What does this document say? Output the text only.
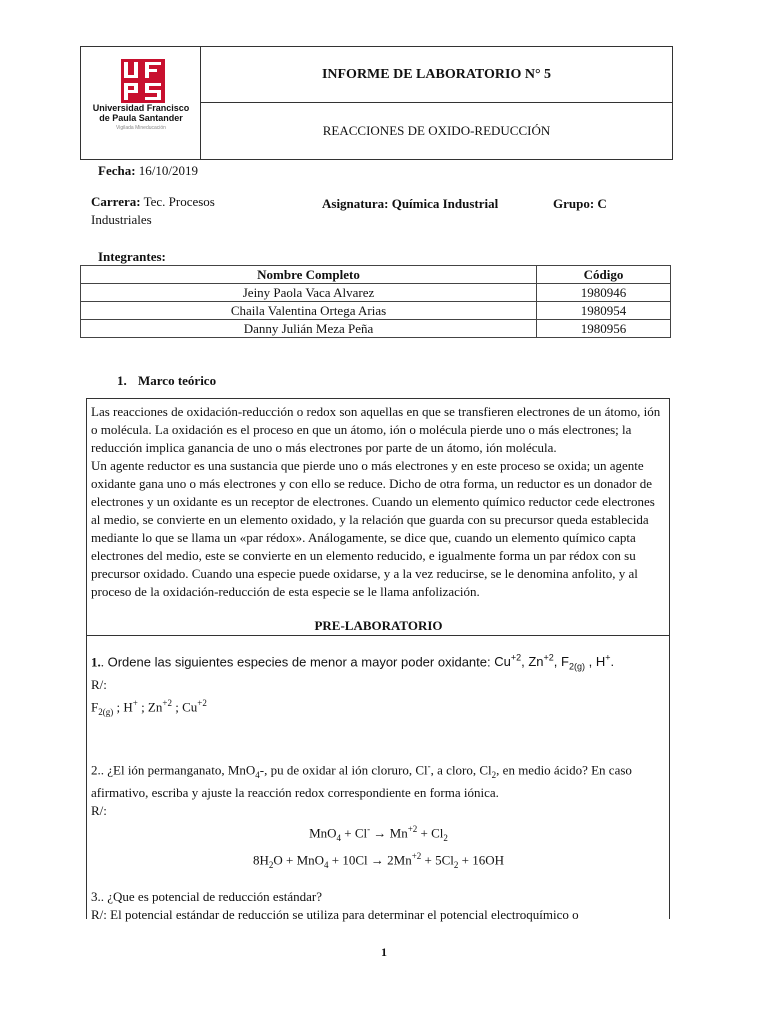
Universidad Francisco
de Paula Santander
Vigilada Mineducación
INFORME DE LABORATORIO N° 5
REACCIONES DE OXIDO-REDUCCIÓN
Fecha: 16/10/2019
Carrera: Tec. Procesos
Industriales
Asignatura: Química Industrial	Grupo: C
Integrantes:
Nombre Completo	Código
Jeiny Paola Vaca Alvarez	1980946
Chaila Valentina Ortega Arias	1980954
Danny Julián Meza Peña	1980956
1. Marco teórico
Las reacciones de oxidación-reducción o redox son aquellas en que se transfieren electrones de un átomo, ión o molécula. La oxidación es el proceso en que un átomo, ión o molécula pierde uno o más electrones; la reducción implica ganancia de uno o más electrones por parte de un átomo, ión molécula.
Un agente reductor es una sustancia que pierde uno o más electrones y en este proceso se oxida; un agente oxidante gana uno o más electrones y con ello se reduce. Dicho de otra forma, un reductor es un donador de electrones y un oxidante es un receptor de electrones. Cuando un elemento químico reductor cede electrones al medio, se convierte en un elemento oxidado, y la relación que guarda con su precursor queda establecida mediante lo que se llama un «par rédox». Análogamente, se dice que, cuando un elemento químico capta electrones del medio, este se convierte en un elemento reducido, e igualmente forma un par rédox con su precursor oxidado. Cuando una especie puede oxidarse, y a la vez reducirse, se le denomina anfolito, y al proceso de la oxidación-reducción de esta especie se le llama anfolización.
PRE-LABORATORIO
1.. Ordene las siguientes especies de menor a mayor poder oxidante: $Cu^{+2}$, $Zn^{+2}$, $F_{2(g)}$ , H+.
R/:
$F_{2(g)}$ ; H+ ; $Zn^{+2}$ ; $Cu^{+2}$
2.. ¿El ión permanganato, MnO$_4$-, pu de oxidar al ión cloruro, Cl-, a cloro, $Cl_2$, en medio ácido? En caso afirmativo, escriba y ajuste la reacción redox correspondiente en forma iónica.
R/:
$MnO_4 + Cl^- \to Mn^{+2} + Cl_2$
$8H_2O + MnO_4 + 10Cl \to 2Mn^{+2} + 5Cl_2 + 16OH$
3.. ¿Que es potencial de reducción estándar?
R/: El potencial estándar de reducción se utiliza para determinar el potencial electroquímico o
1
